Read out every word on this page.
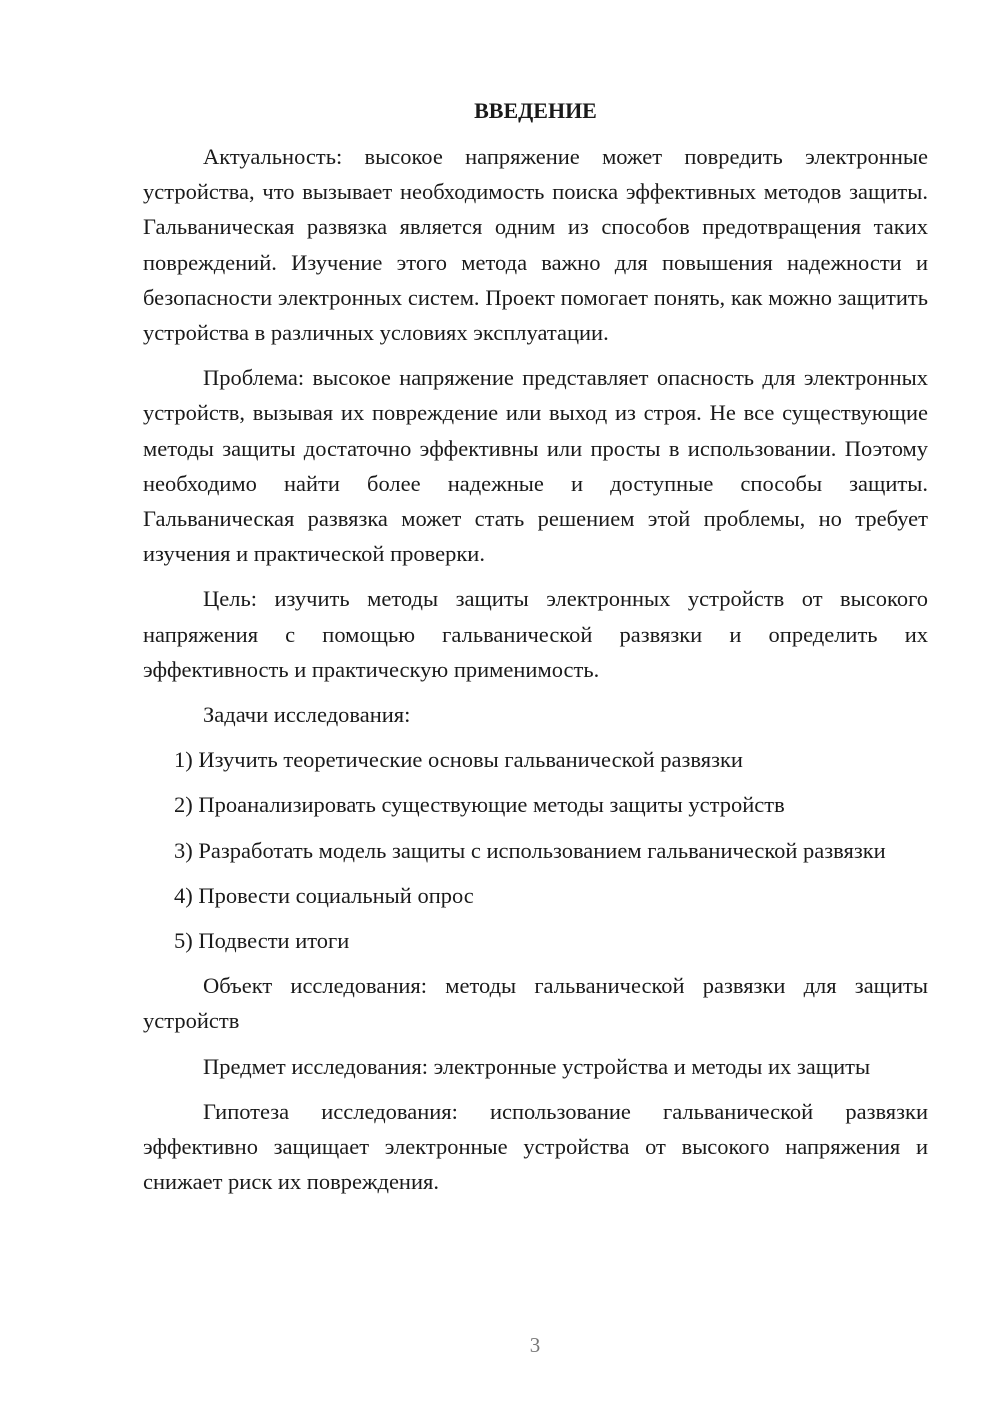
ВВЕДЕНИЕ

Актуальность: высокое напряжение может повредить электронные устройства, что вызывает необходимость поиска эффективных методов защиты. Гальваническая развязка является одним из способов предотвращения таких повреждений. Изучение этого метода важно для повышения надежности и безопасности электронных систем. Проект помогает понять, как можно защитить устройства в различных условиях эксплуатации.

Проблема: высокое напряжение представляет опасность для электронных устройств, вызывая их повреждение или выход из строя. Не все существующие методы защиты достаточно эффективны или просты в использовании. Поэтому необходимо найти более надежные и доступные способы защиты. Гальваническая развязка может стать решением этой проблемы, но требует изучения и практической проверки.

Цель: изучить методы защиты электронных устройств от высокого напряжения с помощью гальванической развязки и определить их эффективность и практическую применимость.

Задачи исследования:

1) Изучить теоретические основы гальванической развязки
2) Проанализировать существующие методы защиты устройств
3) Разработать модель защиты с использованием гальванической развязки
4) Провести социальный опрос
5) Подвести итоги

Объект исследования: методы гальванической развязки для защиты устройств

Предмет исследования: электронные устройства и методы их защиты

Гипотеза исследования: использование гальванической развязки эффективно защищает электронные устройства от высокого напряжения и снижает риск их повреждения.

3
